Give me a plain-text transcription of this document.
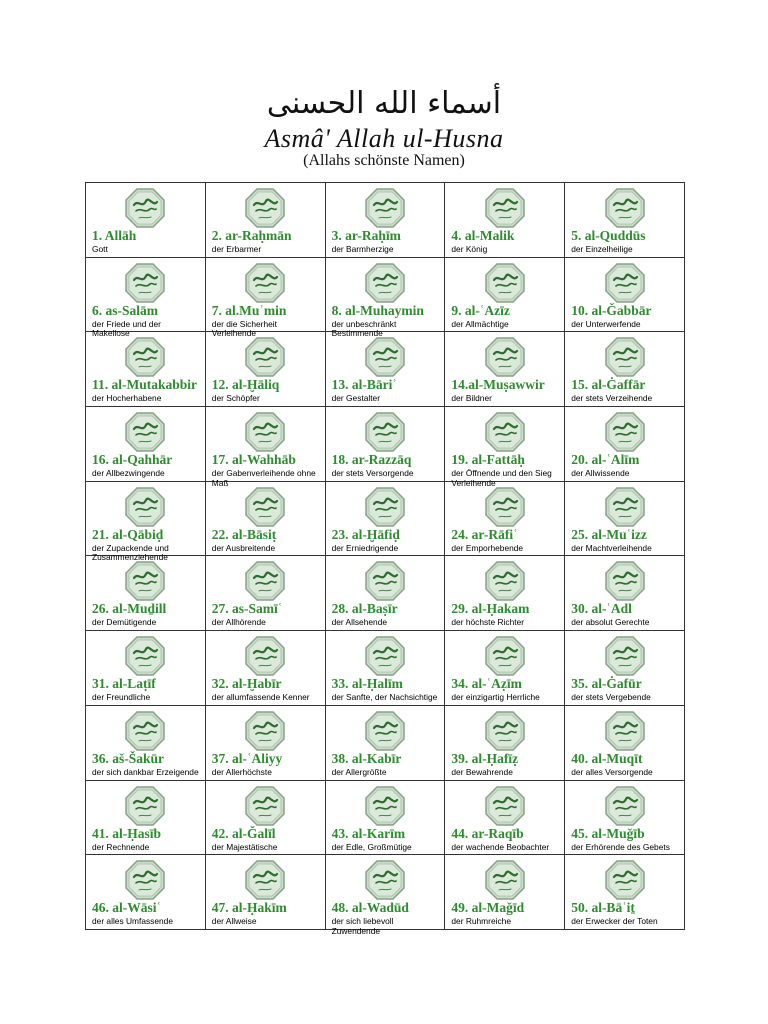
أسماء الله الحسنى
Asmâ' Allah ul-Husna
(Allahs schönste Namen)
1. Allāh
Gott
2. ar-Raḥmān
der Erbarmer
3. ar-Raḥīm
der Barmherzige
4. al-Malik
der König
5. al-Quddūs
der Einzelheilige
6. as-Salām
der Friede und der Makellose
7. al.Muʾmin
der die Sicherheit Verleihende
8. al-Muhaymin
der unbeschränkt Bestimmende
9. al-ʿAzīz
der Allmächtige
10. al-Ǧabbār
der Unterwerfende
11. al-Mutakabbir
der Hocherhabene
12. al-Ḫāliq
der Schöpfer
13. al-Bāriʾ
der Gestalter
14.al-Muṣawwir
der Bildner
15. al-Ġaffār
der stets Verzeihende
16. al-Qahhār
der Allbezwingende
17. al-Wahhāb
der Gabenverleihende ohne Maß
18. ar-Razzāq
der stets Versorgende
19. al-Fattāḥ
der Öffnende und den Sieg Verleihende
20. al-ʿAlīm
der Allwissende
21. al-Qābiḍ
der Zupackende und Zusammenziehende
22. al-Bāsiṭ
der Ausbreitende
23. al-Ḫāfiḍ
der Erniedrigende
24. ar-Rāfiʿ
der Emporhebende
25. al-Muʿizz
der Machtverleihende
26. al-Muḏill
der Demütigende
27. as-Samīʿ
der Allhörende
28. al-Baṣīr
der Allsehende
29. al-Ḥakam
der höchste Richter
30. al-ʿAdl
der absolut Gerechte
31. al-Laṭīf
der Freundliche
32. al-Ḫabīr
der allumfassende Kenner
33. al-Ḥalīm
der Sanfte, der Nachsichtige
34. al-ʿAẓīm
der einzigartig Herrliche
35. al-Ġafūr
der stets Vergebende
36. aš-Šakūr
der sich dankbar Erzeigende
37. al-ʿAliyy
der Allerhöchste
38. al-Kabīr
der Allergrößte
39. al-Ḥafīẓ
der Bewahrende
40. al-Muqīt
der alles Versorgende
41. al-Ḥasīb
der Rechnende
42. al-Ǧalīl
der Majestätische
43. al-Karīm
der Edle, Großmütige
44. ar-Raqīb
der wachende Beobachter
45. al-Muǧīb
der Erhörende des Gebets
46. al-Wāsiʿ
der alles Umfassende
47. al-Ḥakīm
der Allweise
48. al-Wadūd
der sich liebevoll Zuwendende
49. al-Maǧīd
der Ruhmreiche
50. al-Bāʿiṯ
der Erwecker der Toten
